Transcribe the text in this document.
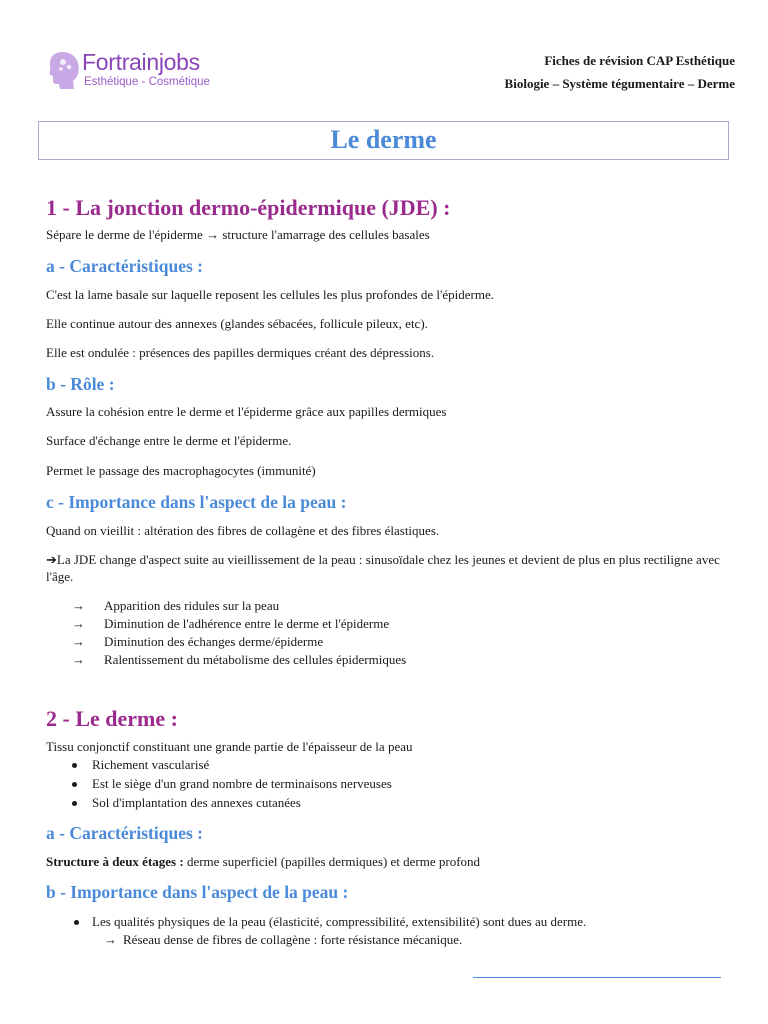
Fortrainjobs
Esthétique - Cosmétique
Fiches de révision CAP Esthétique
Biologie – Système tégumentaire – Derme
Le derme
1 - La jonction dermo-épidermique (JDE) :
Sépare le derme de l'épiderme → structure l'amarrage des cellules basales
a - Caractéristiques :
C'est la lame basale sur laquelle reposent les cellules les plus profondes de l'épiderme.
Elle continue autour des annexes (glandes sébacées, follicule pileux, etc).
Elle est ondulée : présences des papilles dermiques créant des dépressions.
b - Rôle :
Assure la cohésion entre le derme et l'épiderme grâce aux papilles dermiques
Surface d'échange entre le derme et l'épiderme.
Permet le passage des macrophagocytes (immunité)
c - Importance dans l'aspect de la peau :
Quand on vieillit : altération des fibres de collagène et des fibres élastiques.
➔La JDE change d'aspect suite au vieillissement de la peau : sinusoïdale chez les jeunes et devient de plus en plus rectiligne avec l'âge.
→ Apparition des ridules sur la peau
→ Diminution de l'adhérence entre le derme et l'épiderme
→ Diminution des échanges derme/épiderme
→ Ralentissement du métabolisme des cellules épidermiques
2 - Le derme :
Tissu conjonctif constituant une grande partie de l'épaisseur de la peau
Richement vascularisé
Est le siège d'un grand nombre de terminaisons nerveuses
Sol d'implantation des annexes cutanées
a - Caractéristiques :
Structure à deux étages : derme superficiel (papilles dermiques) et derme profond
b - Importance dans l'aspect de la peau :
Les qualités physiques de la peau (élasticité, compressibilité, extensibilité) sont dues au derme.
→ Réseau dense de fibres de collagène : forte résistance mécanique.
